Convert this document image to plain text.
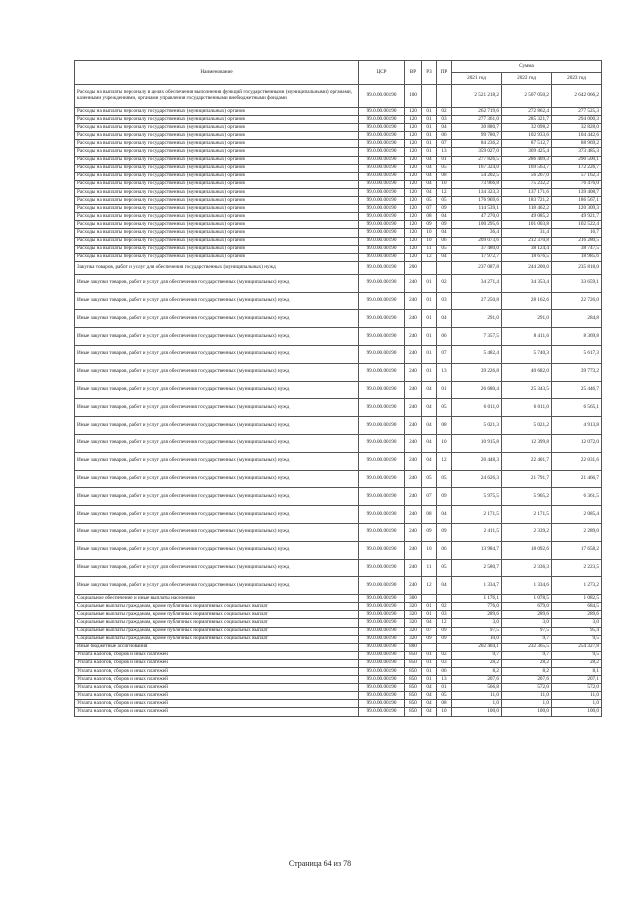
Наименование	ЦСР	ВР	РЗ	ПР	Сумма		
					2021 год	2022 год	2023 год
Расходы на выплаты персоналу в целях обеспечения выполнения функций государственными (муниципальными) органами, казенными учреждениями, органами управления государственными внебюджетными фондами	99.0.00.00190	100			2 521 218,2	2 507 050,2	2 642 066,2
Расходы на выплаты персоналу государственных (муниципальных) органов	99.0.00.00190	120	01	02	262 719,6	272 862,4	277 525,3
Расходы на выплаты персоналу государственных (муниципальных) органов	99.0.00.00190	120	01	03	277 361,0	285 321,7	294 000,3
Расходы на выплаты персоналу государственных (муниципальных) органов	99.0.00.00190	120	01	04	30 880,7	32 098,2	32 828,0
Расходы на выплаты персоналу государственных (муниципальных) органов	99.0.00.00190	120	01	06	99 780,7	102 933,6	104 442,6
Расходы на выплаты персоналу государственных (муниципальных) органов	99.0.00.00190	120	01	07	84 236,2	87 512,7	88 969,2
Расходы на выплаты персоналу государственных (муниципальных) органов	99.0.00.00190	120	01	13	359 027,0	369 425,4	373 485,3
Расходы на выплаты персоналу государственных (муниципальных) органов	99.0.00.00190	120	04	01	277 826,5	286 409,3	290 500,1
Расходы на выплаты персоналу государственных (муниципальных) органов	99.0.00.00190	120	04	05	167 324,0	169 563,7	172 226,7
Расходы на выплаты персоналу государственных (муниципальных) органов	99.0.00.00190	120	04	08	54 202,5	56 267,0	57 162,3
Расходы на выплаты персоналу государственных (муниципальных) органов	99.0.00.00190	120	04	10	73 966,8	75 232,2	76 476,0
Расходы на выплаты персоналу государственных (муниципальных) органов	99.0.00.00190	120	04	12	134 323,3	137 171,6	139 408,7
Расходы на выплаты персоналу государственных (муниципальных) органов	99.0.00.00190	120	05	05	176 969,6	183 721,2	186 567,1
Расходы на выплаты персоналу государственных (муниципальных) органов	99.0.00.00190	120	07	09	114 539,1	118 462,2	120 309,3
Расходы на выплаты персоналу государственных (муниципальных) органов	99.0.00.00190	120	08	04	47 270,0	49 085,2	49 921,7
Расходы на выплаты персоналу государственных (муниципальных) органов	99.0.00.00190	120	09	09	100 295,6	101 003,8	102 522,4
Расходы на выплаты персоналу государственных (муниципальных) органов	99.0.00.00190	120	10	04	36,4	31,4	16,7
Расходы на выплаты персоналу государственных (муниципальных) органов	99.0.00.00190	120	10	06	209 073,6	212 370,8	216 280,5
Расходы на выплаты персоналу государственных (муниципальных) органов	99.0.00.00190	120	11	05	37 480,0	38 124,4	38 747,5
Расходы на выплаты персоналу государственных (муниципальных) органов	99.0.00.00190	120	12	04	17 972,7	18 676,5	18 985,6
Закупка товаров, работ и услуг для обеспечения государственных (муниципальных) нужд	99.0.00.00190	200			237 087,8	244 200,0	235 818,0
Иные закупки товаров, работ и услуг для обеспечения государственных (муниципальных) нужд	99.0.00.00190	240	01	02	34 271,4	34 353,4	33 659,1
Иные закупки товаров, работ и услуг для обеспечения государственных (муниципальных) нужд	99.0.00.00190	240	01	03	27 250,8	28 162,6	22 726,0
Иные закупки товаров, работ и услуг для обеспечения государственных (муниципальных) нужд	99.0.00.00190	240	01	04	291,0	291,0	284,8
Иные закупки товаров, работ и услуг для обеспечения государственных (муниципальных) нужд	99.0.00.00190	240	01	06	7 357,5	8 411,6	8 369,8
Иные закупки товаров, работ и услуг для обеспечения государственных (муниципальных) нужд	99.0.00.00190	240	01	07	5 482,4	5 740,3	5 617,3
Иные закупки товаров, работ и услуг для обеспечения государственных (муниципальных) нужд	99.0.00.00190	240	01	13	39 226,8	40 682,0	39 773,2
Иные закупки товаров, работ и услуг для обеспечения государственных (муниципальных) нужд	99.0.00.00190	240	04	01	26 680,4	25 343,5	25 446,7
Иные закупки товаров, работ и услуг для обеспечения государственных (муниципальных) нужд	99.0.00.00190	240	04	05	6 011,0	6 011,0	6 565,1
Иные закупки товаров, работ и услуг для обеспечения государственных (муниципальных) нужд	99.0.00.00190	240	04	08	5 021,3	5 021,2	4 913,8
Иные закупки товаров, работ и услуг для обеспечения государственных (муниципальных) нужд	99.0.00.00190	240	04	10	10 915,8	12 399,8	12 072,0
Иные закупки товаров, работ и услуг для обеспечения государственных (муниципальных) нужд	99.0.00.00190	240	04	12	20 448,3	22 401,7	22 031,6
Иные закупки товаров, работ и услуг для обеспечения государственных (муниципальных) нужд	99.0.00.00190	240	05	05	24 626,3	21 791,7	21 466,7
Иные закупки товаров, работ и услуг для обеспечения государственных (муниципальных) нужд	99.0.00.00190	240	07	09	5 975,5	5 905,2	6 361,5
Иные закупки товаров, работ и услуг для обеспечения государственных (муниципальных) нужд	99.0.00.00190	240	08	04	2 171,5	2 171,5	2 085,4
Иные закупки товаров, работ и услуг для обеспечения государственных (муниципальных) нужд	99.0.00.00190	240	09	09	2 411,5	2 339,2	2 289,0
Иные закупки товаров, работ и услуг для обеспечения государственных (муниципальных) нужд	99.0.00.00190	240	10	06	13 984,7	18 092,6	17 658,2
Иные закупки товаров, работ и услуг для обеспечения государственных (муниципальных) нужд	99.0.00.00190	240	11	05	2 580,7	2 336,3	2 223,5
Иные закупки товаров, работ и услуг для обеспечения государственных (муниципальных) нужд	99.0.00.00190	240	12	04	1 334,7	1 334,6	1 273,2
Социальное обеспечение и иные выплаты населению	99.0.00.00190	300			1 176,1	1 078,5	1 082,5
Социальные выплаты гражданам, кроме публичных нормативных социальных выплат	99.0.00.00190	320	01	02	776,0	679,0	684,5
Социальные выплаты гражданам, кроме публичных нормативных социальных выплат	99.0.00.00190	320	01	03	289,6	289,6	289,6
Социальные выплаты гражданам, кроме публичных нормативных социальных выплат	99.0.00.00190	320	04	12	3,0	3,0	3,0
Социальные выплаты гражданам, кроме публичных нормативных социальных выплат	99.0.00.00190	320	07	09	97,5	97,5	95,4
Социальные выплаты гражданам, кроме публичных нормативных социальных выплат	99.0.00.00190	320	09	09	10,0	9,7	9,5
Иные бюджетные ассигнования	99.0.00.00190	800			202 404,1	232 365,5	254 327,8
Уплата налогов, сборов и иных платежей	99.0.00.00190	850	01	02	9,7	9,7	9,5
Уплата налогов, сборов и иных платежей	99.0.00.00190	850	01	03	28,2	28,2	28,2
Уплата налогов, сборов и иных платежей	99.0.00.00190	850	01	06	8,2	8,2	8,1
Уплата налогов, сборов и иных платежей	99.0.00.00190	850	01	13	207,6	207,6	207,1
Уплата налогов, сборов и иных платежей	99.0.00.00190	850	04	01	566,8	572,0	572,0
Уплата налогов, сборов и иных платежей	99.0.00.00190	850	04	05	11,0	11,0	11,0
Уплата налогов, сборов и иных платежей	99.0.00.00190	850	04	08	1,0	1,0	1,0
Уплата налогов, сборов и иных платежей	99.0.00.00190	850	04	10	100,0	100,0	100,0
Страница 64 из 78
